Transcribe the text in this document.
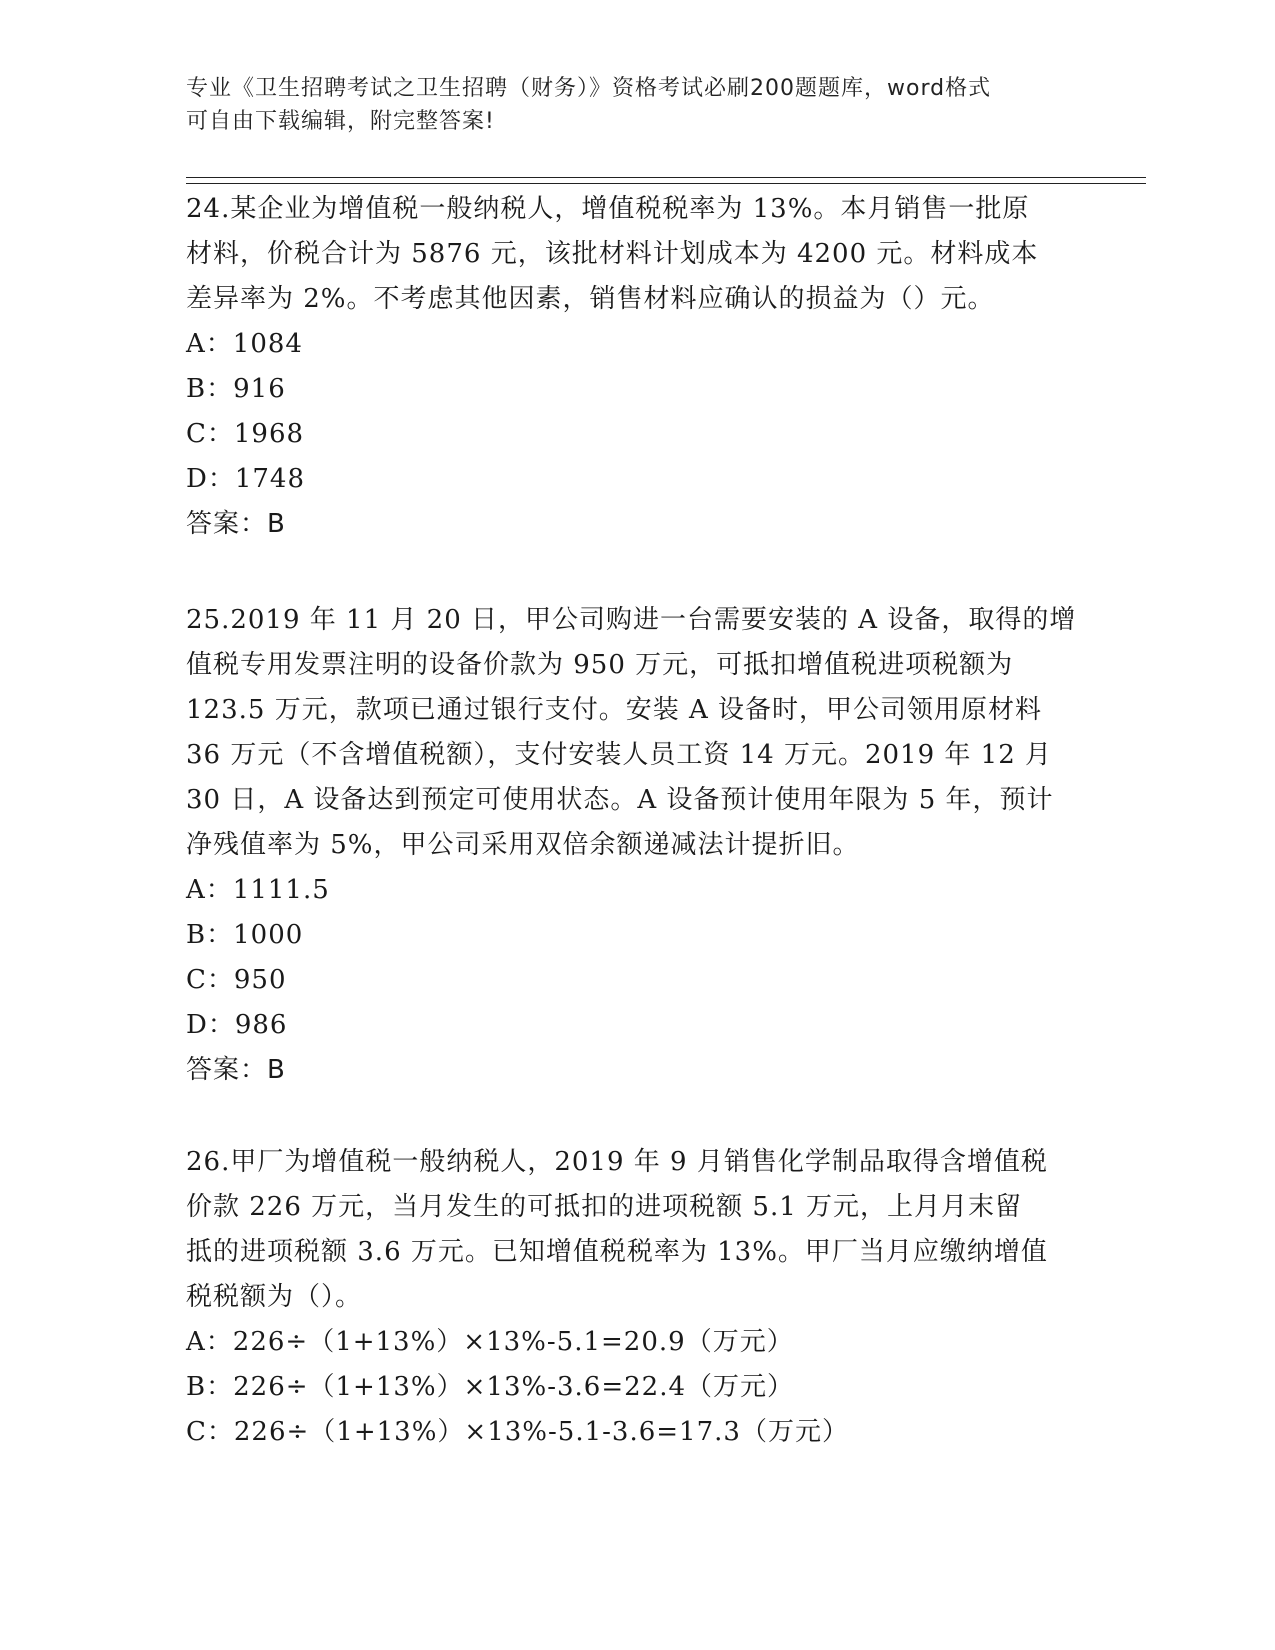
专业《卫生招聘考试之卫生招聘（财务）》资格考试必刷200题题库，word格式
可自由下载编辑，附完整答案!

24.某企业为增值税一般纳税人，增值税税率为 13%。本月销售一批原

材料，价税合计为 5876 元，该批材料计划成本为 4200 元。材料成本

差异率为 2%。不考虑其他因素，销售材料应确认的损益为（）元。

A：1084

B：916

C：1968

D：1748

答案：B

25.2019 年 11 月 20 日，甲公司购进一台需要安装的 A 设备，取得的增

值税专用发票注明的设备价款为 950 万元，可抵扣增值税进项税额为

123.5 万元，款项已通过银行支付。安装 A 设备时，甲公司领用原材料

36 万元（不含增值税额），支付安装人员工资 14 万元。2019 年 12 月

30 日，A 设备达到预定可使用状态。A 设备预计使用年限为 5 年，预计

净残值率为 5%，甲公司采用双倍余额递减法计提折旧。

A：1111.5

B：1000

C：950

D：986

答案：B

26.甲厂为增值税一般纳税人，2019 年 9 月销售化学制品取得含增值税

价款 226 万元，当月发生的可抵扣的进项税额 5.1 万元，上月月末留

抵的进项税额 3.6 万元。已知增值税税率为 13%。甲厂当月应缴纳增值

税税额为（）。

A：226÷（1+13%）×13%-5.1=20.9（万元）

B：226÷（1+13%）×13%-3.6=22.4（万元）

C：226÷（1+13%）×13%-5.1-3.6=17.3（万元）
